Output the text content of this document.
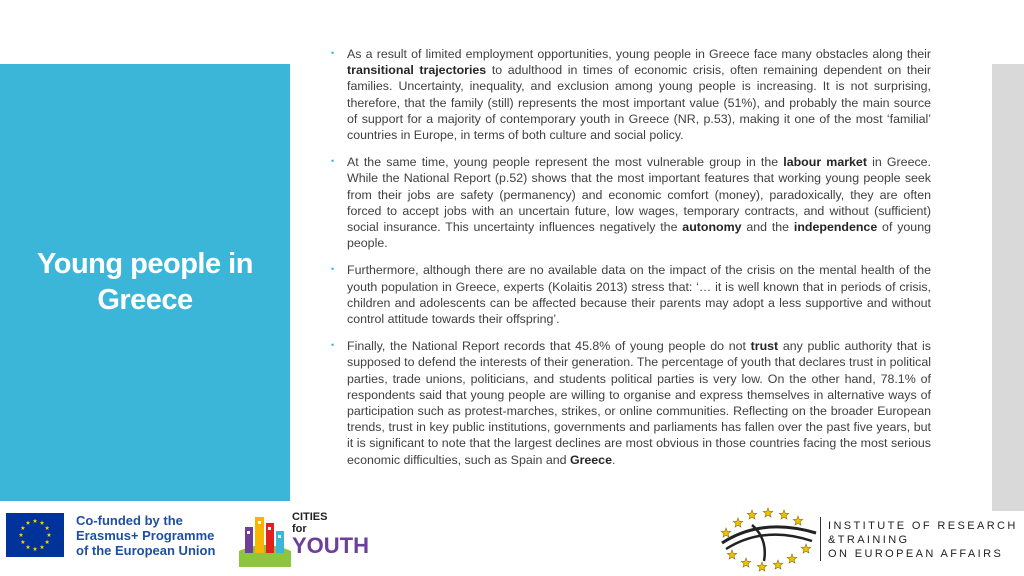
Young people in
Greece
• As a result of limited employment opportunities, young people in Greece face many obstacles along their transitional trajectories to adulthood in times of economic crisis, often remaining dependent on their families. Uncertainty, inequality, and exclusion among young people is increasing. It is not surprising, therefore, that the family (still) represents the most important value (51%), and probably the main source of support for a majority of contemporary youth in Greece (NR, p.53), making it one of the most ‘familial’ countries in Europe, in terms of both culture and social policy.
• At the same time, young people represent the most vulnerable group in the labour market in Greece. While the National Report (p.52) shows that the most important features that working young people seek from their jobs are safety (permanency) and economic comfort (money), paradoxically, they are often forced to accept jobs with an uncertain future, low wages, temporary contracts, and without (sufficient) social insurance. This uncertainty influences negatively the autonomy and the independence of young people.
• Furthermore, although there are no available data on the impact of the crisis on the mental health of the youth population in Greece, experts (Kolaitis 2013) stress that: ‘… it is well known that in periods of crisis, children and adolescents can be affected because their parents may adopt a less supportive and without control attitude towards their offspring’.
• Finally, the National Report records that 45.8% of young people do not trust any public authority that is supposed to defend the interests of their generation. The percentage of youth that declares trust in political parties, trade unions, politicians, and students political parties is very low. On the other hand, 78.1% of respondents said that young people are willing to organise and express themselves in alternative ways of participation such as protest-marches, strikes, or online communities. Reflecting on the broader European trends, trust in key public institutions, governments and parliaments has fallen over the past five years, but it is significant to note that the largest declines are most obvious in those countries facing the most serious economic difficulties, such as Spain and Greece.
Co-funded by the
Erasmus+ Programme
of the European Union
CITIES
for
YOUTH
INSTITUTE OF RESEARCH
&TRAINING
ON EUROPEAN AFFAIRS
